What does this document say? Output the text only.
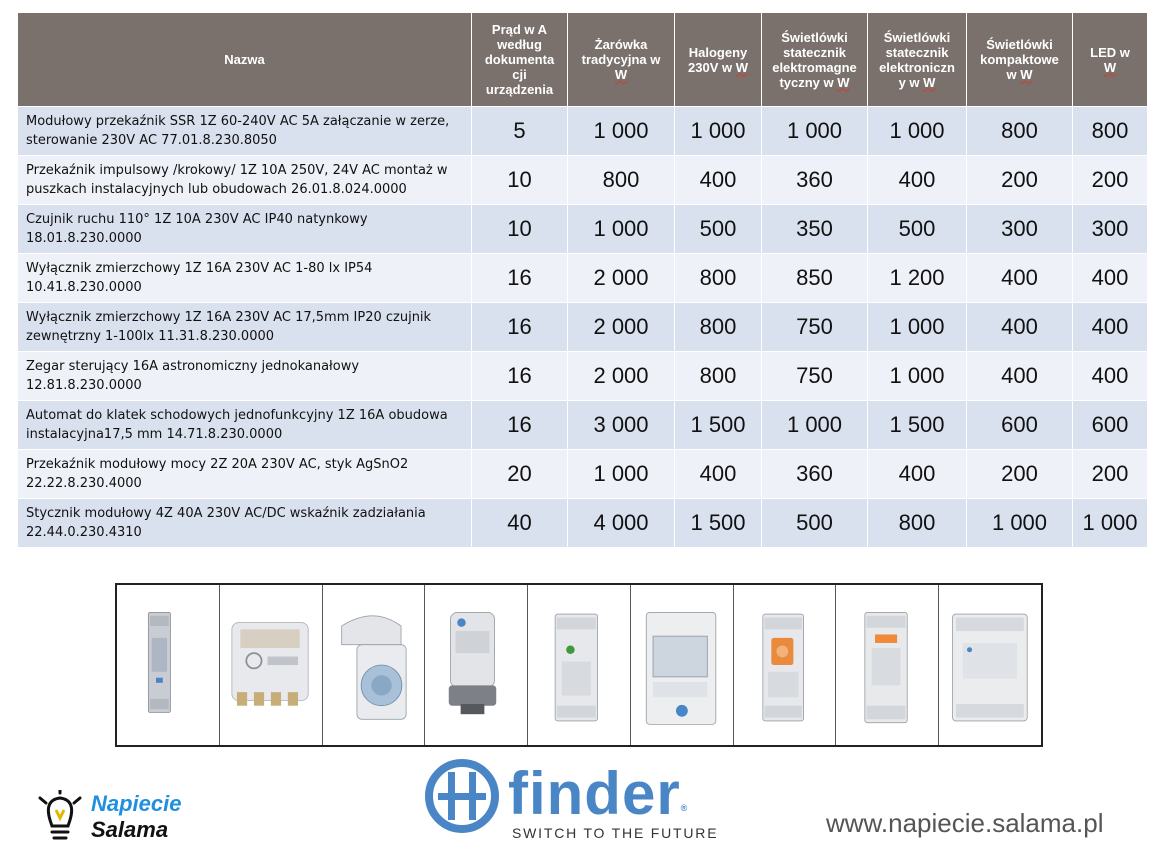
Nazwa	Prąd w A według dokumentacji urządzenia	Żarówka tradycyjna w W	Halogeny 230V w W	Świetlówki statecznik elektromagnetyczny w W	Świetlówki statecznik elektroniczny w W	Świetlówki kompaktowe w W	LED w W

Modułowy przekaźnik SSR 1Z 60-240V AC 5A załączanie w zerze, sterowanie 230V AC 77.01.8.230.8050	5	1 000	1 000	1 000	1 000	800	800
Przekaźnik impulsowy /krokowy/ 1Z 10A 250V, 24V AC montaż w puszkach instalacyjnych lub obudowach 26.01.8.024.0000	10	800	400	360	400	200	200
Czujnik ruchu 110° 1Z 10A 230V AC IP40 natynkowy 18.01.8.230.0000	10	1 000	500	350	500	300	300
Wyłącznik zmierzchowy 1Z 16A 230V AC 1-80 lx IP54 10.41.8.230.0000	16	2 000	800	850	1 200	400	400
Wyłącznik zmierzchowy 1Z 16A 230V AC 17,5mm IP20 czujnik zewnętrzny 1-100lx 11.31.8.230.0000	16	2 000	800	750	1 000	400	400
Zegar sterujący 16A astronomiczny jednokanałowy 12.81.8.230.0000	16	2 000	800	750	1 000	400	400
Automat do klatek schodowych jednofunkcyjny 1Z 16A obudowa instalacyjna17,5 mm 14.71.8.230.0000	16	3 000	1 500	1 000	1 500	600	600
Przekaźnik modułowy mocy 2Z 20A 230V AC, styk AgSnO2 22.22.8.230.4000	20	1 000	400	360	400	200	200
Stycznik modułowy 4Z 40A 230V AC/DC wskaźnik zadziałania 22.44.0.230.4310	40	4 000	1 500	500	800	1 000	1 000
Napiecie
Salama
finder®
SWITCH TO THE FUTURE	www.napiecie.salama.pl
